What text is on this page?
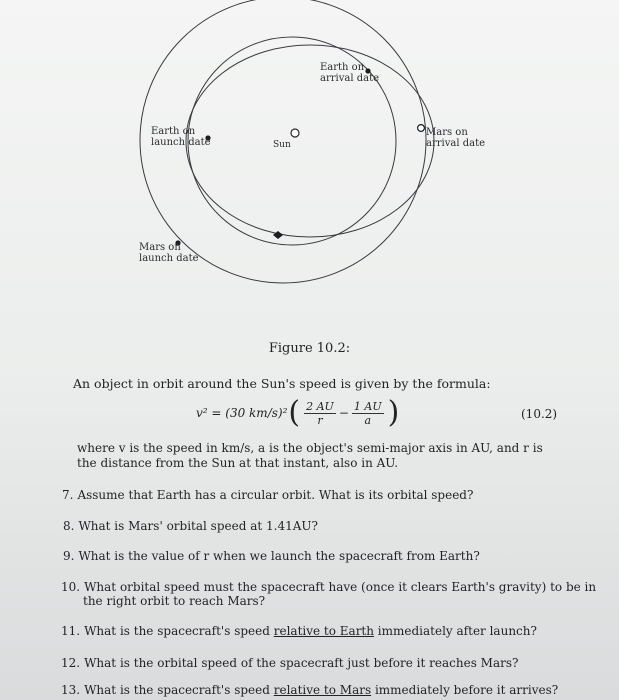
Earth on
arrival date
Earth on
launch date	Sun
Mars on
arrival date
Mars on
launch date
Figure 10.2:
An object in orbit around the Sun's speed is given by the formula:
v² = (30 km/s)² ( $\frac{2 AU}{r} - \frac{1 AU}{a}$ )	(10.2)
where v is the speed in km/s, a is the object's semi-major axis in AU, and r is the distance from the Sun at that instant, also in AU.
7. Assume that Earth has a circular orbit. What is its orbital speed?
8. What is Mars' orbital speed at 1.41AU?
9. What is the value of r when we launch the spacecraft from Earth?
10. What orbital speed must the spacecraft have (once it clears Earth's gravity) to be in
the right orbit to reach Mars?
11. What is the spacecraft's speed relative to Earth immediately after launch?
12. What is the orbital speed of the spacecraft just before it reaches Mars?
13. What is the spacecraft's speed relative to Mars immediately before it arrives?
